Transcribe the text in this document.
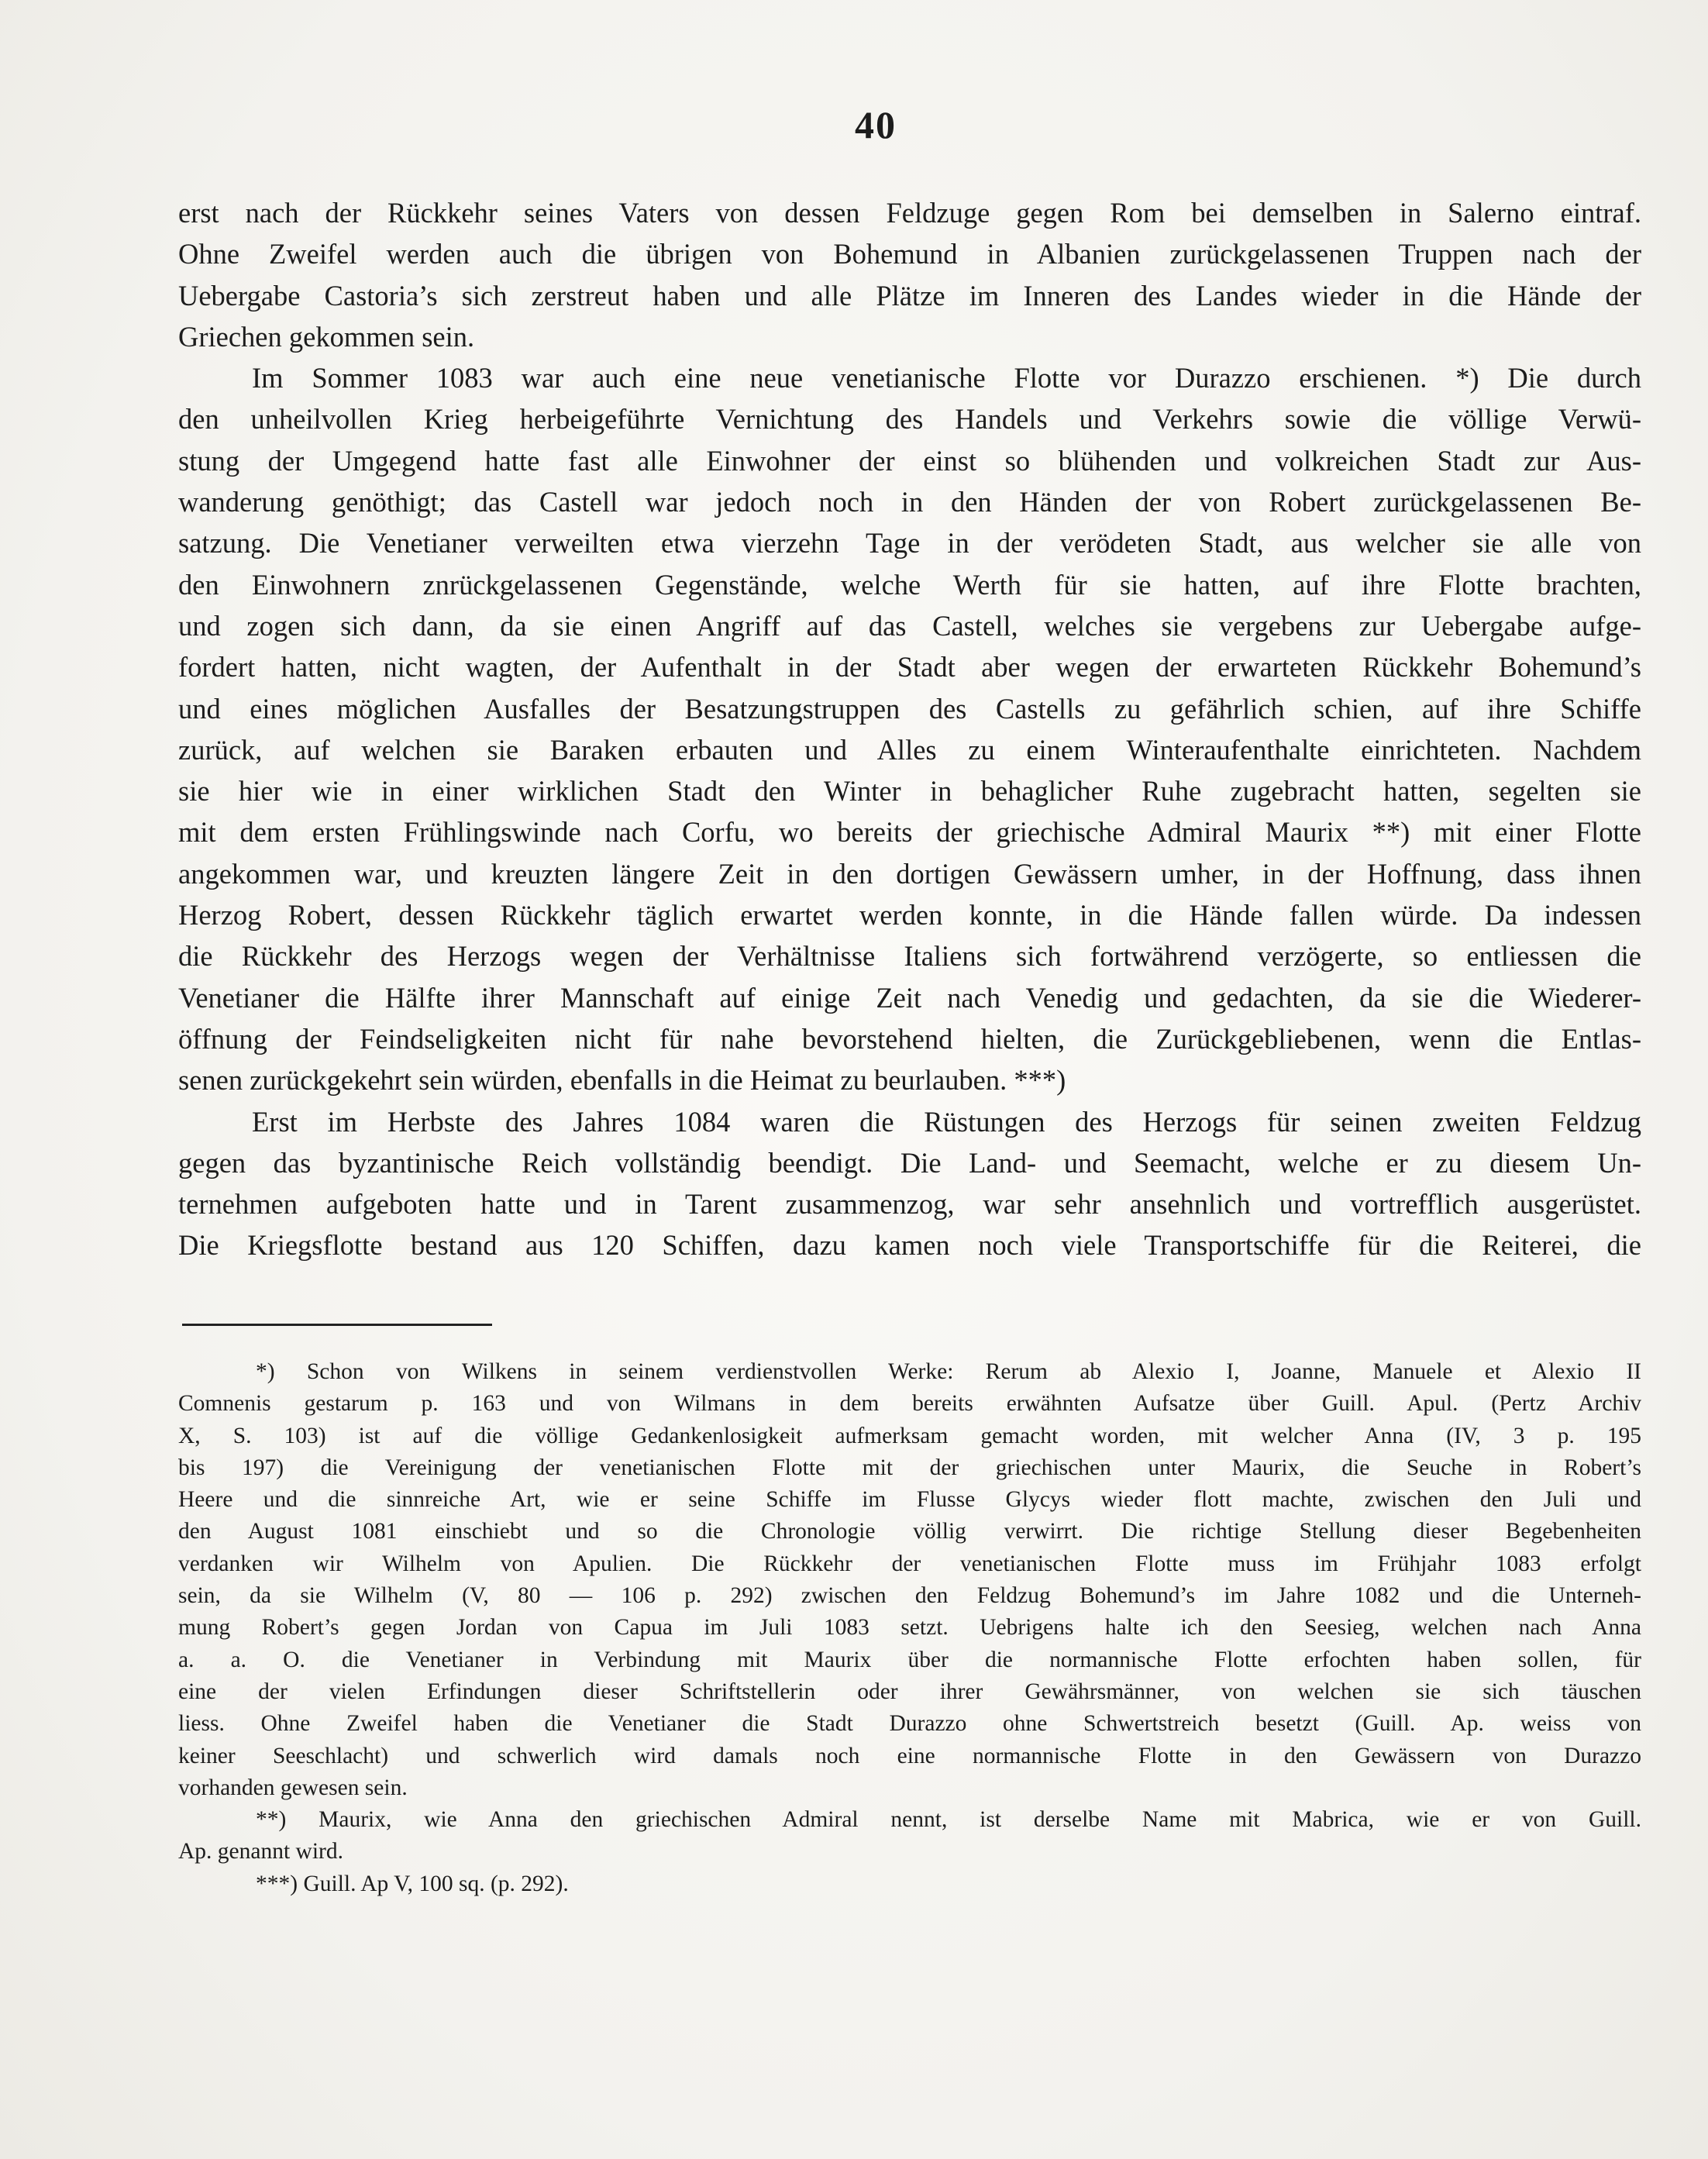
40
erst nach der Rückkehr seines Vaters von dessen Feldzuge gegen Rom bei demselben in Salerno eintraf.
Ohne Zweifel werden auch die übrigen von Bohemund in Albanien zurückgelassenen Truppen nach der
Uebergabe Castoria’s sich zerstreut haben und alle Plätze im Inneren des Landes wieder in die Hände der
Griechen gekommen sein.
Im Sommer 1083 war auch eine neue venetianische Flotte vor Durazzo erschienen. *) Die durch
den unheilvollen Krieg herbeigeführte Vernichtung des Handels und Verkehrs sowie die völlige Verwü-
stung der Umgegend hatte fast alle Einwohner der einst so blühenden und volkreichen Stadt zur Aus-
wanderung genöthigt; das Castell war jedoch noch in den Händen der von Robert zurückgelassenen Be-
satzung. Die Venetianer verweilten etwa vierzehn Tage in der verödeten Stadt, aus welcher sie alle von
den Einwohnern znrückgelassenen Gegenstände, welche Werth für sie hatten, auf ihre Flotte brachten,
und zogen sich dann, da sie einen Angriff auf das Castell, welches sie vergebens zur Uebergabe aufge-
fordert hatten, nicht wagten, der Aufenthalt in der Stadt aber wegen der erwarteten Rückkehr Bohemund’s
und eines möglichen Ausfalles der Besatzungstruppen des Castells zu gefährlich schien, auf ihre Schiffe
zurück, auf welchen sie Baraken erbauten und Alles zu einem Winteraufenthalte einrichteten. Nachdem
sie hier wie in einer wirklichen Stadt den Winter in behaglicher Ruhe zugebracht hatten, segelten sie
mit dem ersten Frühlingswinde nach Corfu, wo bereits der griechische Admiral Maurix **) mit einer Flotte
angekommen war, und kreuzten längere Zeit in den dortigen Gewässern umher, in der Hoffnung, dass ihnen
Herzog Robert, dessen Rückkehr täglich erwartet werden konnte, in die Hände fallen würde. Da indessen
die Rückkehr des Herzogs wegen der Verhältnisse Italiens sich fortwährend verzögerte, so entliessen die
Venetianer die Hälfte ihrer Mannschaft auf einige Zeit nach Venedig und gedachten, da sie die Wiederer-
öffnung der Feindseligkeiten nicht für nahe bevorstehend hielten, die Zurückgebliebenen, wenn die Entlas-
senen zurückgekehrt sein würden, ebenfalls in die Heimat zu beurlauben. ***)
Erst im Herbste des Jahres 1084 waren die Rüstungen des Herzogs für seinen zweiten Feldzug
gegen das byzantinische Reich vollständig beendigt. Die Land- und Seemacht, welche er zu diesem Un-
ternehmen aufgeboten hatte und in Tarent zusammenzog, war sehr ansehnlich und vortrefflich ausgerüstet.
Die Kriegsflotte bestand aus 120 Schiffen, dazu kamen noch viele Transportschiffe für die Reiterei, die
*) Schon von Wilkens in seinem verdienstvollen Werke: Rerum ab Alexio I, Joanne, Manuele et Alexio II
Comnenis gestarum p. 163 und von Wilmans in dem bereits erwähnten Aufsatze über Guill. Apul. (Pertz Archiv
X, S. 103) ist auf die völlige Gedankenlosigkeit aufmerksam gemacht worden, mit welcher Anna (IV, 3 p. 195
bis 197) die Vereinigung der venetianischen Flotte mit der griechischen unter Maurix, die Seuche in Robert’s
Heere und die sinnreiche Art, wie er seine Schiffe im Flusse Glycys wieder flott machte, zwischen den Juli und
den August 1081 einschiebt und so die Chronologie völlig verwirrt. Die richtige Stellung dieser Begebenheiten
verdanken wir Wilhelm von Apulien. Die Rückkehr der venetianischen Flotte muss im Frühjahr 1083 erfolgt
sein, da sie Wilhelm (V, 80 — 106 p. 292) zwischen den Feldzug Bohemund’s im Jahre 1082 und die Unterneh-
mung Robert’s gegen Jordan von Capua im Juli 1083 setzt. Uebrigens halte ich den Seesieg, welchen nach Anna
a. a. O. die Venetianer in Verbindung mit Maurix über die normannische Flotte erfochten haben sollen, für
eine der vielen Erfindungen dieser Schriftstellerin oder ihrer Gewährsmänner, von welchen sie sich täuschen
liess. Ohne Zweifel haben die Venetianer die Stadt Durazzo ohne Schwertstreich besetzt (Guill. Ap. weiss von
keiner Seeschlacht) und schwerlich wird damals noch eine normannische Flotte in den Gewässern von Durazzo
vorhanden gewesen sein.
**) Maurix, wie Anna den griechischen Admiral nennt, ist derselbe Name mit Mabrica, wie er von Guill.
Ap. genannt wird.
***) Guill. Ap V, 100 sq. (p. 292).
